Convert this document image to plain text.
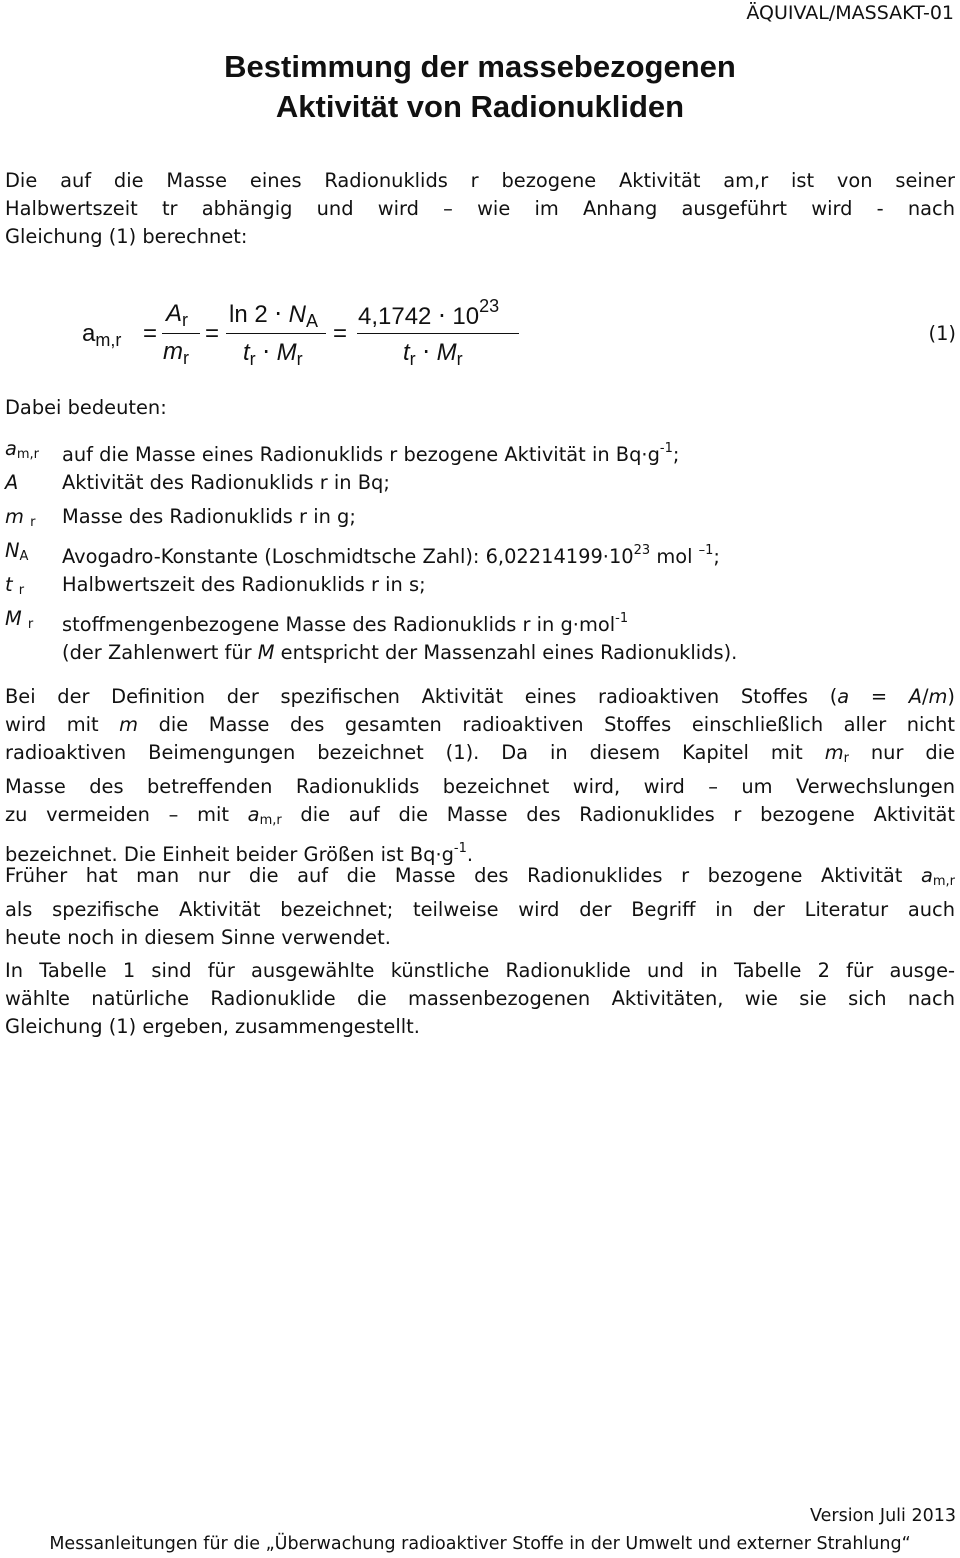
ÄQUIVAL/MASSAKT-01
Bestimmung der massebezogenen
Aktivität von Radionukliden
Die auf die Masse eines Radionuklids r bezogene Aktivität am,r ist von seiner
Halbwertszeit tr abhängig und wird – wie im Anhang ausgeführt wird - nach
Gleichung (1) berechnet:
$a_{m,r}$ =
$A_r$
$m_r$
=
$\ln 2 \cdot N_A$
$t_r \cdot M_r$
=
$4,1742 \cdot 10^{23}$
$t_r \cdot M_r$
(1)
Dabei bedeuten:
am,r	auf die Masse eines Radionuklids r bezogene Aktivität in $Bq\cdot g^{-1}$;
A	Aktivität des Radionuklids r in Bq;
m r	Masse des Radionuklids r in g;
NA	Avogadro-Konstante (Loschmidtsche Zahl): $6,02214199\cdot 10^{23}$ mol $^{-1}$;
t r	Halbwertszeit des Radionuklids r in s;
M r	stoffmengenbezogene Masse des Radionuklids r in g⋅mol$^{-1}$
(der Zahlenwert für M entspricht der Massenzahl eines Radionuklids).
Bei der Definition der spezifischen Aktivität eines radioaktiven Stoffes (a = A/m)
wird mit m die Masse des gesamten radioaktiven Stoffes einschließlich aller nicht
radioaktiven Beimengungen bezeichnet (1). Da in diesem Kapitel mit mr nur die
Masse des betreffenden Radionuklids bezeichnet wird, wird – um Verwechslungen
zu vermeiden – mit am,r die auf die Masse des Radionuklides r bezogene Aktivität
bezeichnet. Die Einheit beider Größen ist $Bq\cdot g^{-1}$.
Früher hat man nur die auf die Masse des Radionuklides r bezogene Aktivität am,r
als spezifische Aktivität bezeichnet; teilweise wird der Begriff in der Literatur auch
heute noch in diesem Sinne verwendet.
In Tabelle 1 sind für ausgewählte künstliche Radionuklide und in Tabelle 2 für ausge-
wählte natürliche Radionuklide die massenbezogenen Aktivitäten, wie sie sich nach
Gleichung (1) ergeben, zusammengestellt.
Version Juli 2013
Messanleitungen für die „Überwachung radioaktiver Stoffe in der Umwelt und externer Strahlung“
